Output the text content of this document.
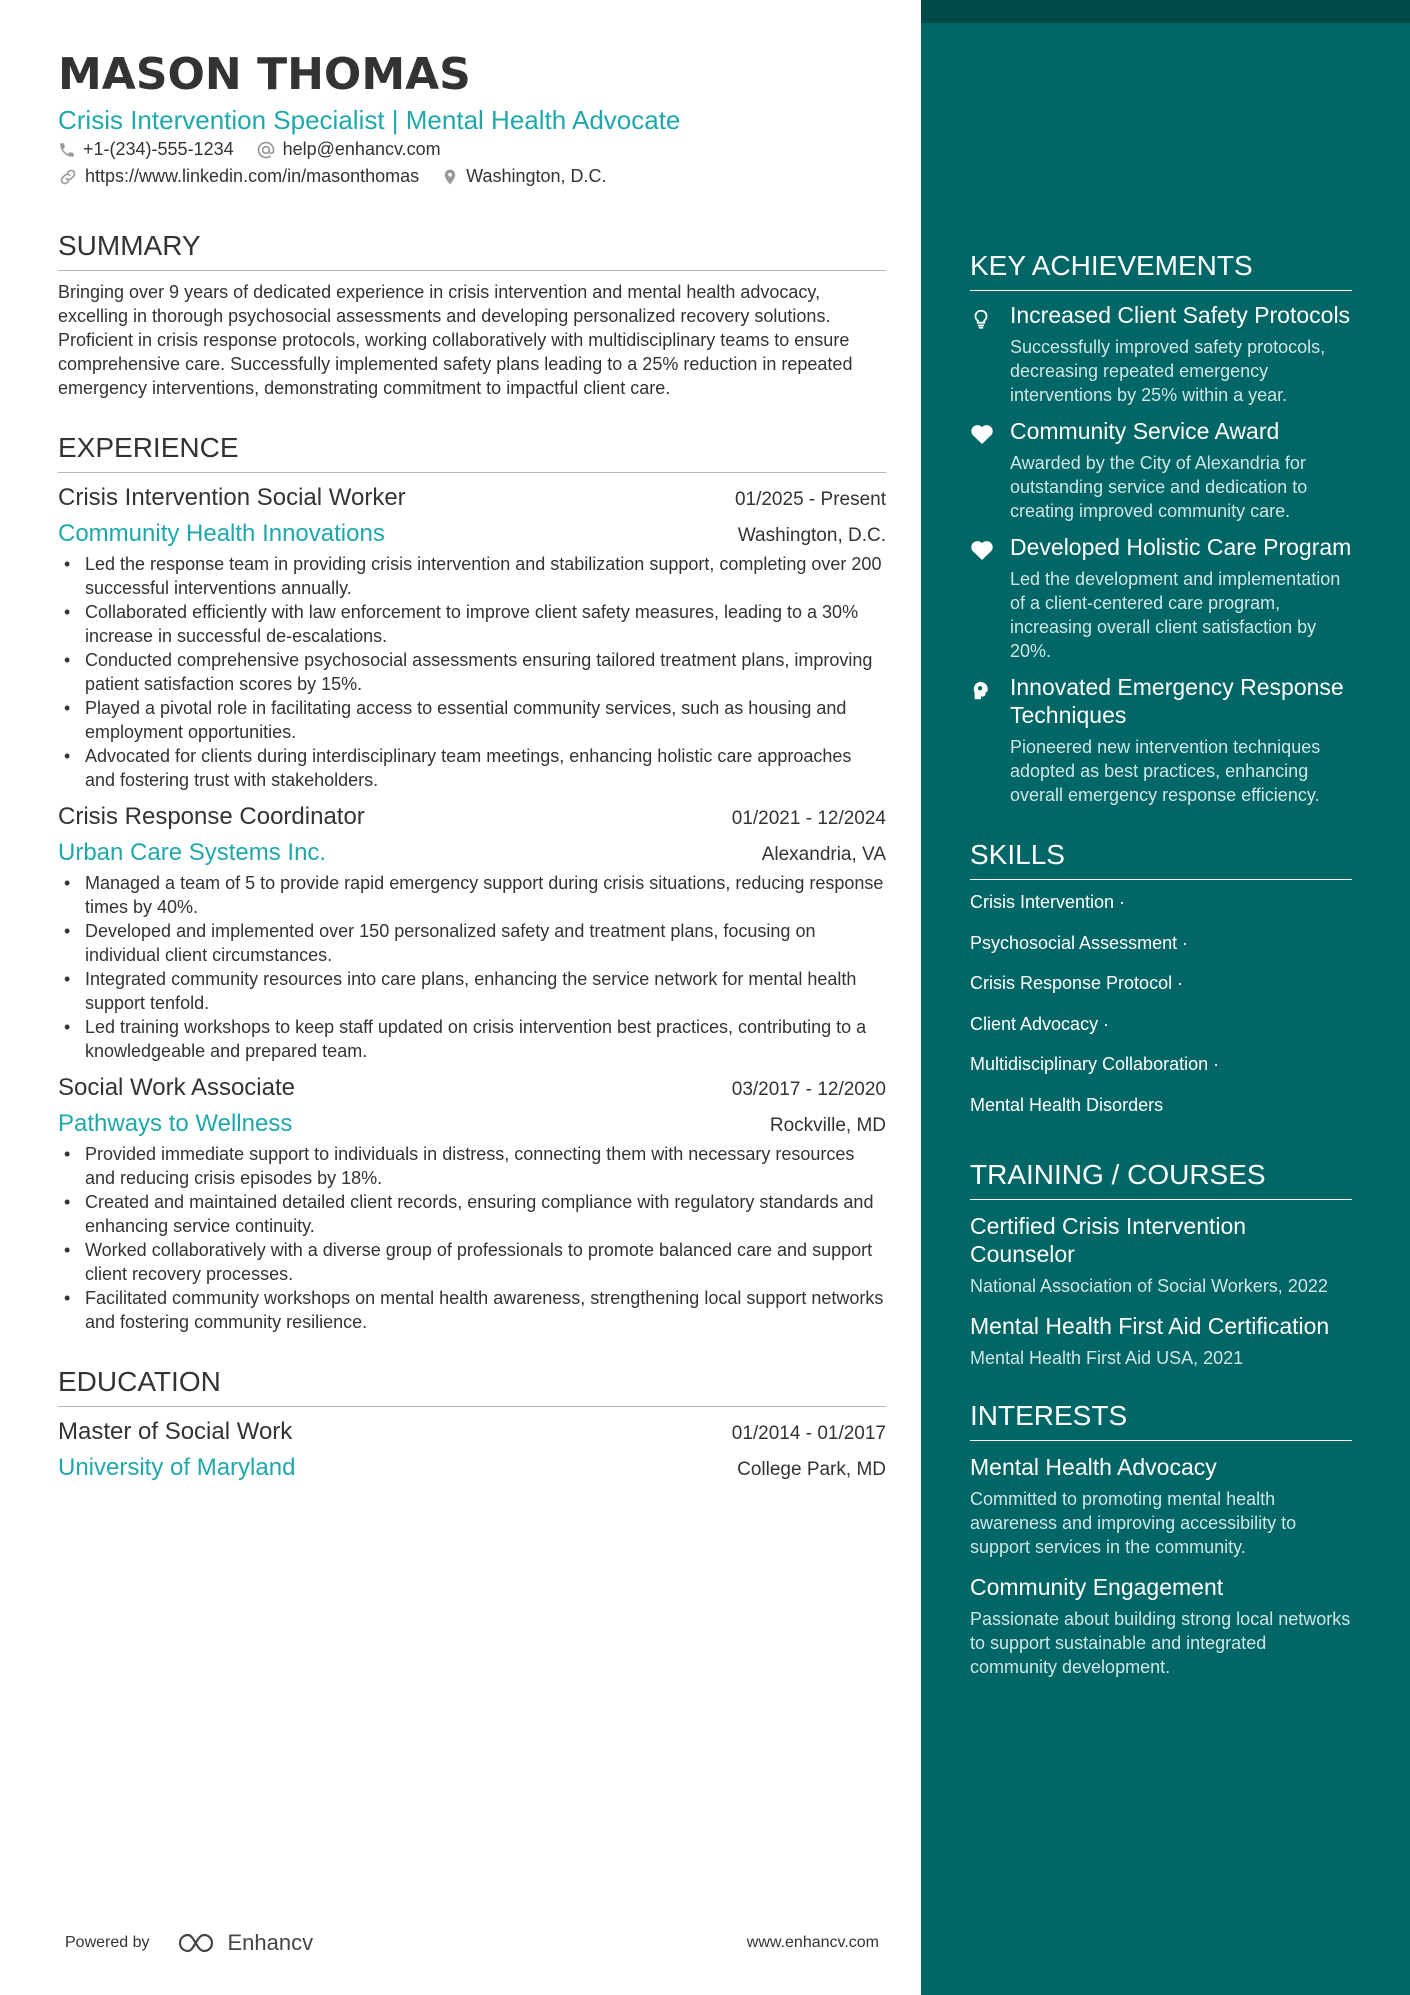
MASON THOMAS
Crisis Intervention Specialist | Mental Health Advocate
+1-(234)-555-1234	help@enhancv.com
https://www.linkedin.com/in/masonthomas	Washington, D.C.
SUMMARY
Bringing over 9 years of dedicated experience in crisis intervention and mental health advocacy, excelling in thorough psychosocial assessments and developing personalized recovery solutions. Proficient in crisis response protocols, working collaboratively with multidisciplinary teams to ensure comprehensive care. Successfully implemented safety plans leading to a 25% reduction in repeated emergency interventions, demonstrating commitment to impactful client care.
EXPERIENCE
Crisis Intervention Social Worker	01/2025 - Present
Community Health Innovations	Washington, D.C.
• Led the response team in providing crisis intervention and stabilization support, completing over 200 successful interventions annually.
• Collaborated efficiently with law enforcement to improve client safety measures, leading to a 30% increase in successful de-escalations.
• Conducted comprehensive psychosocial assessments ensuring tailored treatment plans, improving patient satisfaction scores by 15%.
• Played a pivotal role in facilitating access to essential community services, such as housing and employment opportunities.
• Advocated for clients during interdisciplinary team meetings, enhancing holistic care approaches and fostering trust with stakeholders.
Crisis Response Coordinator	01/2021 - 12/2024
Urban Care Systems Inc.	Alexandria, VA
• Managed a team of 5 to provide rapid emergency support during crisis situations, reducing response times by 40%.
• Developed and implemented over 150 personalized safety and treatment plans, focusing on individual client circumstances.
• Integrated community resources into care plans, enhancing the service network for mental health support tenfold.
• Led training workshops to keep staff updated on crisis intervention best practices, contributing to a knowledgeable and prepared team.
Social Work Associate	03/2017 - 12/2020
Pathways to Wellness	Rockville, MD
• Provided immediate support to individuals in distress, connecting them with necessary resources and reducing crisis episodes by 18%.
• Created and maintained detailed client records, ensuring compliance with regulatory standards and enhancing service continuity.
• Worked collaboratively with a diverse group of professionals to promote balanced care and support client recovery processes.
• Facilitated community workshops on mental health awareness, strengthening local support networks and fostering community resilience.
EDUCATION
Master of Social Work	01/2014 - 01/2017
University of Maryland	College Park, MD
Powered by	Enhancv	www.enhancv.com
KEY ACHIEVEMENTS
Increased Client Safety Protocols
Successfully improved safety protocols, decreasing repeated emergency interventions by 25% within a year.
Community Service Award
Awarded by the City of Alexandria for outstanding service and dedication to creating improved community care.
Developed Holistic Care Program
Led the development and implementation of a client-centered care program, increasing overall client satisfaction by 20%.
Innovated Emergency Response Techniques
Pioneered new intervention techniques adopted as best practices, enhancing overall emergency response efficiency.
SKILLS
Crisis Intervention ·
Psychosocial Assessment ·
Crisis Response Protocol ·
Client Advocacy ·
Multidisciplinary Collaboration ·
Mental Health Disorders
TRAINING / COURSES
Certified Crisis Intervention Counselor
National Association of Social Workers, 2022
Mental Health First Aid Certification
Mental Health First Aid USA, 2021
INTERESTS
Mental Health Advocacy
Committed to promoting mental health awareness and improving accessibility to support services in the community.
Community Engagement
Passionate about building strong local networks to support sustainable and integrated community development.
